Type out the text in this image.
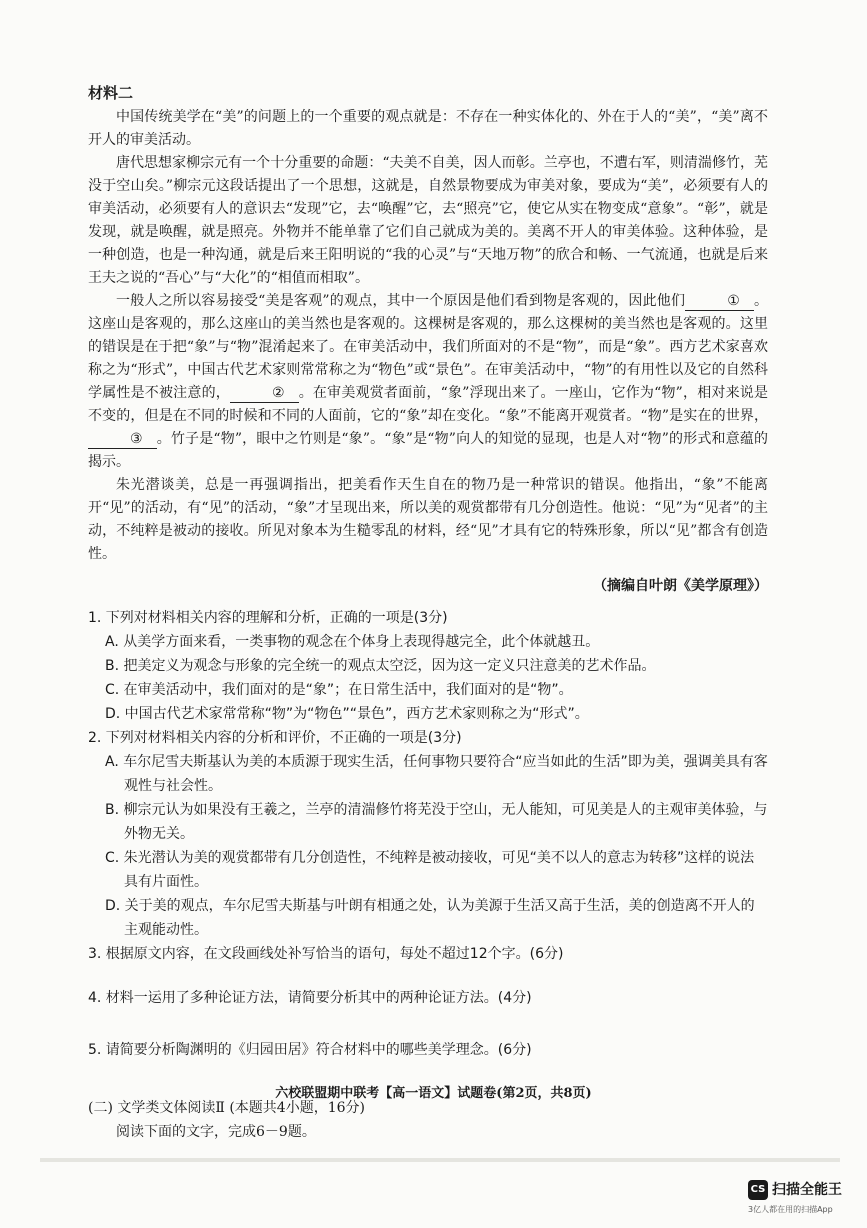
材料二

中国传统美学在“美”的问题上的一个重要的观点就是：不存在一种实体化的、外在于人的“美”，“美”离不开人的审美活动。

唐代思想家柳宗元有一个十分重要的命题：“夫美不自美，因人而彰。兰亭也，不遭右军，则清湍修竹，芜没于空山矣。”柳宗元这段话提出了一个思想，这就是，自然景物要成为审美对象，要成为“美”，必须要有人的审美活动，必须要有人的意识去“发现”它，去“唤醒”它，去“照亮”它，使它从实在物变成“意象”。“彰”，就是发现，就是唤醒，就是照亮。外物并不能单靠了它们自己就成为美的。美离不开人的审美体验。这种体验，是一种创造，也是一种沟通，就是后来王阳明说的“我的心灵”与“天地万物”的欣合和畅、一气流通，也就是后来王夫之说的“吾心”与“大化”的“相值而相取”。

一般人之所以容易接受“美是客观”的观点，其中一个原因是他们看到物是客观的，因此他们	① 。这座山是客观的，那么这座山的美当然也是客观的。这棵树是客观的，那么这棵树的美当然也是客观的。这里的错误是在于把“象”与“物”混淆起来了。在审美活动中，我们所面对的不是“物”，而是“象”。西方艺术家喜欢称之为“形式”，中国古代艺术家则常常称之为“物色”或“景色”。在审美活动中，“物”的有用性以及它的自然科学属性是不被注意的，	② 。在审美观赏者面前，“象”浮现出来了。一座山，它作为“物”，相对来说是不变的，但是在不同的时候和不同的人面前，它的“象”却在变化。“象”不能离开观赏者。“物”是实在的世界，③ 。竹子是“物”，眼中之竹则是“象”。“象”是“物”向人的知觉的显现，也是人对“物”的形式和意蕴的揭示。

朱光潜谈美，总是一再强调指出，把美看作天生自在的物乃是一种常识的错误。他指出，“象”不能离开“见”的活动，有“见”的活动，“象”才呈现出来，所以美的观赏都带有几分创造性。他说：“见”为“见者”的主动，不纯粹是被动的接收。所见对象本为生糙零乱的材料，经“见”才具有它的特殊形象，所以“见”都含有创造性。

（摘编自叶朗《美学原理》）

1. 下列对材料相关内容的理解和分析，正确的一项是(3分)

A. 从美学方面来看，一类事物的观念在个体身上表现得越完全，此个体就越丑。

B. 把美定义为观念与形象的完全统一的观点太空泛，因为这一定义只注意美的艺术作品。

C. 在审美活动中，我们面对的是“象”；在日常生活中，我们面对的是“物”。

D. 中国古代艺术家常常称“物”为“物色”“景色”，西方艺术家则称之为“形式”。

2. 下列对材料相关内容的分析和评价，不正确的一项是(3分)

A. 车尔尼雪夫斯基认为美的本质源于现实生活，任何事物只要符合“应当如此的生活”即为美，强调美具有客观性与社会性。

B. 柳宗元认为如果没有王羲之，兰亭的清湍修竹将芜没于空山，无人能知，可见美是人的主观审美体验，与外物无关。

C. 朱光潜认为美的观赏都带有几分创造性，不纯粹是被动接收，可见“美不以人的意志为转移”这样的说法具有片面性。

D. 关于美的观点，车尔尼雪夫斯基与叶朗有相通之处，认为美源于生活又高于生活，美的创造离不开人的主观能动性。

3. 根据原文内容，在文段画线处补写恰当的语句，每处不超过12个字。(6分)

4. 材料一运用了多种论证方法，请简要分析其中的两种论证方法。(4分)

5. 请简要分析陶渊明的《归园田居》符合材料中的哪些美学理念。(6分)

(二) 文学类文体阅读Ⅱ (本题共4小题，16分)

阅读下面的文字，完成6－9题。

六校联盟期中联考【高一语文】试题卷(第2页，共8页)
CS 扫描全能王
3亿人都在用的扫描App
